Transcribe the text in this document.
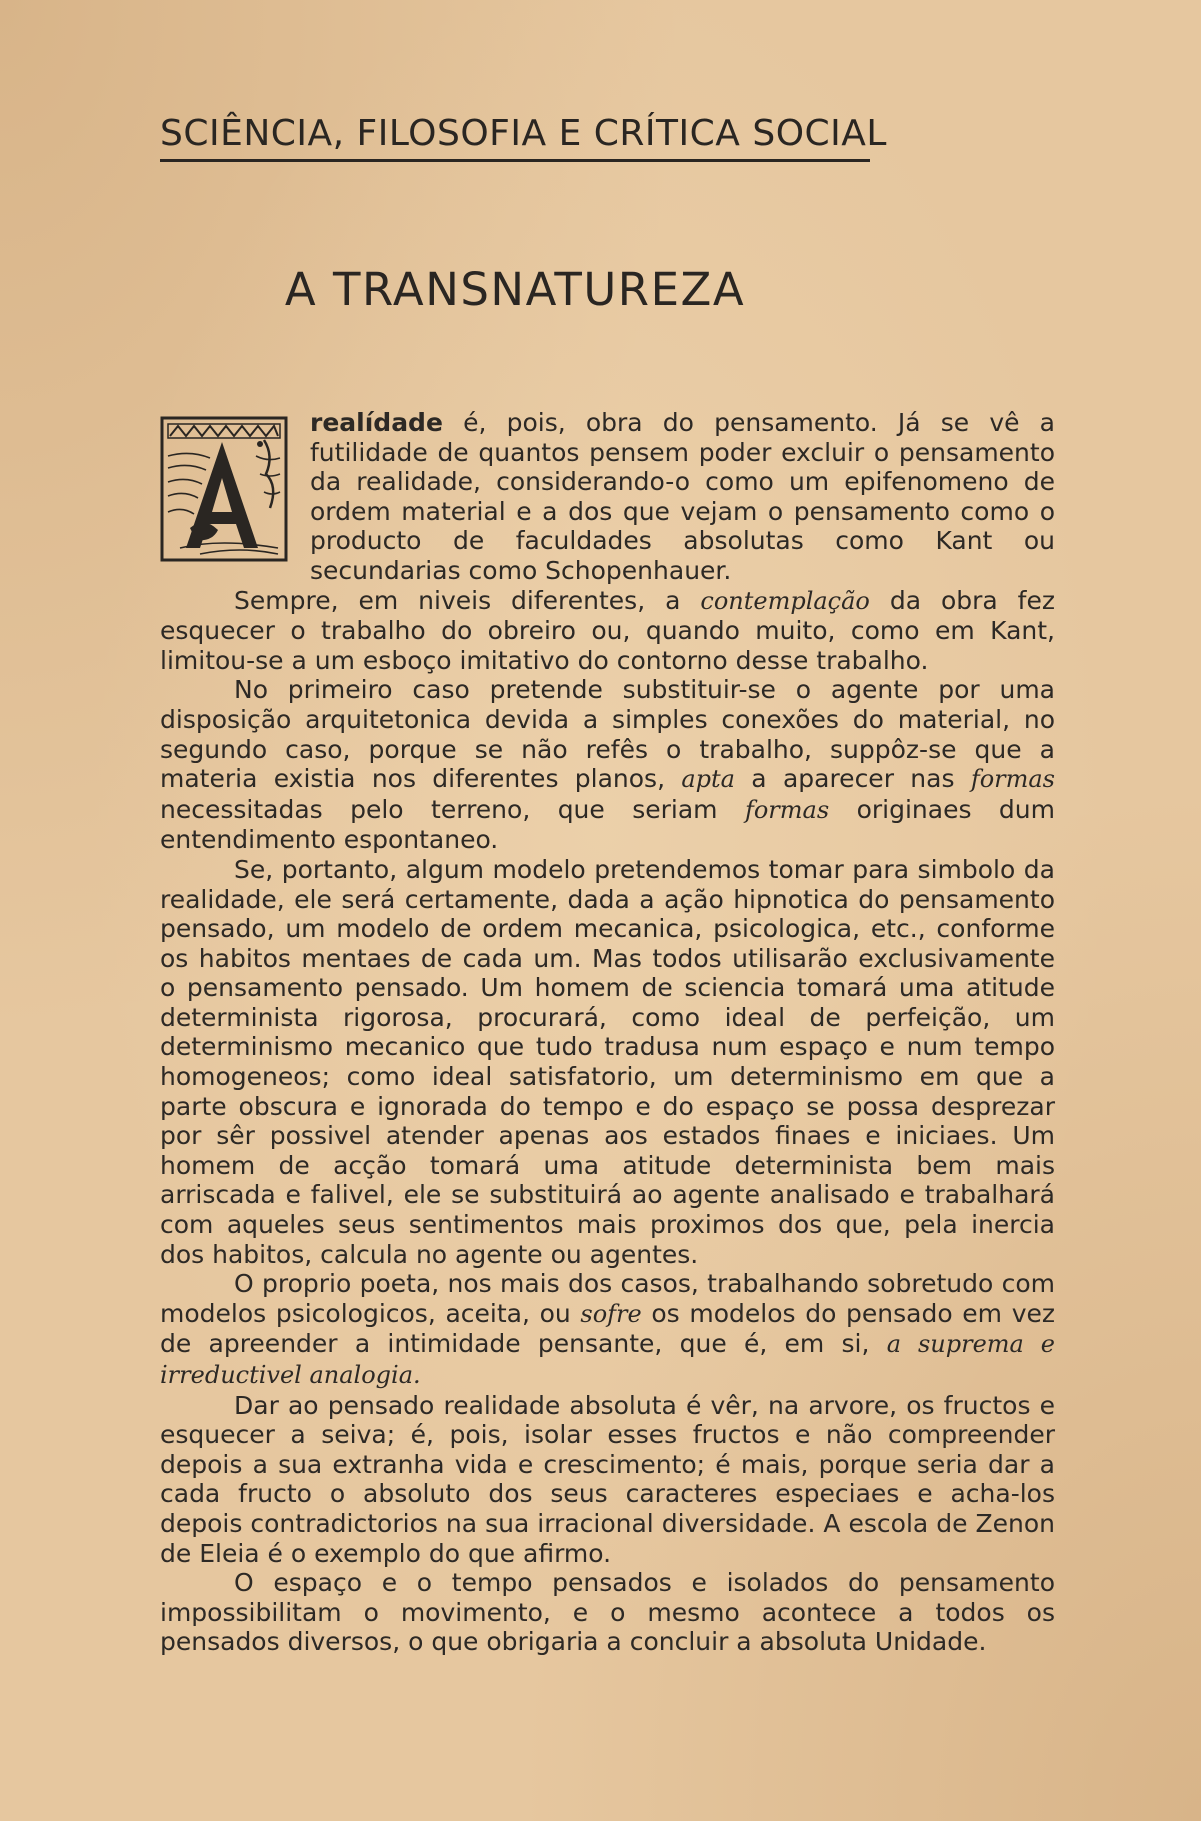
SCIÊNCIA, FILOSOFIA E CRÍTICA SOCIAL
A TRANSNATUREZA

realídade é, pois, obra do pensamento. Já se vê a futilidade de quantos pensem poder excluir o pensamento da realidade, considerando-o como um epifenomeno de ordem material e a dos que vejam o pensamento como o producto de faculdades absolutas como Kant ou secundarias como Schopenhauer.

Sempre, em niveis diferentes, a contemplação da obra fez esquecer o trabalho do obreiro ou, quando muito, como em Kant, limitou-se a um esboço imitativo do contorno desse trabalho.

No primeiro caso pretende substituir-se o agente por uma disposição arquitetonica devida a simples conexões do material, no segundo caso, porque se não refês o trabalho, suppôz-se que a materia existia nos diferentes planos, apta a aparecer nas formas necessitadas pelo terreno, que seriam formas originaes dum entendimento espontaneo.

Se, portanto, algum modelo pretendemos tomar para simbolo da realidade, ele será certamente, dada a ação hipnotica do pensamento pensado, um modelo de ordem mecanica, psicologica, etc., conforme os habitos mentaes de cada um. Mas todos utilisarão exclusivamente o pensamento pensado. Um homem de sciencia tomará uma atitude determinista rigorosa, procurará, como ideal de perfeição, um determinismo mecanico que tudo tradusa num espaço e num tempo homogeneos; como ideal satisfatorio, um determinismo em que a parte obscura e ignorada do tempo e do espaço se possa desprezar por sêr possivel atender apenas aos estados finaes e iniciaes. Um homem de acção tomará uma atitude determinista bem mais arriscada e falivel, ele se substituirá ao agente analisado e trabalhará com aqueles seus sentimentos mais proximos dos que, pela inercia dos habitos, calcula no agente ou agentes.

O proprio poeta, nos mais dos casos, trabalhando sobretudo com modelos psicologicos, aceita, ou sofre os modelos do pensado em vez de apreender a intimidade pensante, que é, em si, a suprema e irreductivel analogia.

Dar ao pensado realidade absoluta é vêr, na arvore, os fructos e esquecer a seiva; é, pois, isolar esses fructos e não compreender depois a sua extranha vida e crescimento; é mais, porque seria dar a cada fructo o absoluto dos seus caracteres especiaes e acha-los depois contradictorios na sua irracional diversidade. A escola de Zenon de Eleia é o exemplo do que afirmo.

O espaço e o tempo pensados e isolados do pensamento impossibilitam o movimento, e o mesmo acontece a todos os pensados diversos, o que obrigaria a concluir a absoluta Unidade.
